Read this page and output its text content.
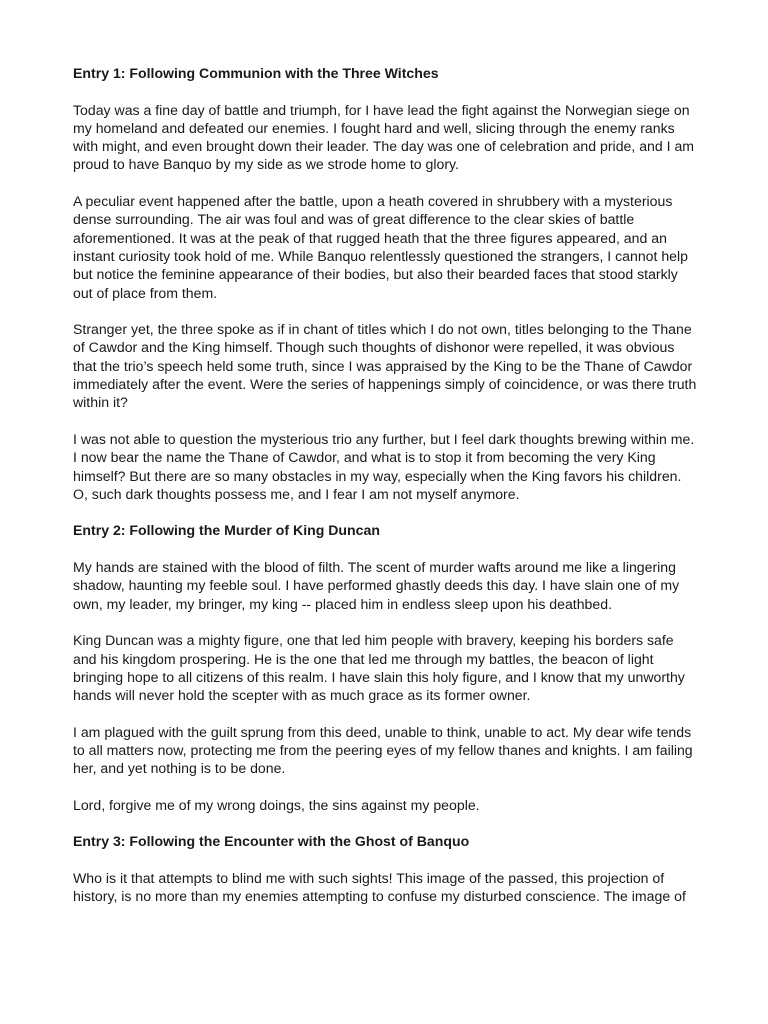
Entry 1: Following Communion with the Three Witches

Today was a fine day of battle and triumph, for I have lead the fight against the Norwegian siege on my homeland and defeated our enemies. I fought hard and well, slicing through the enemy ranks with might, and even brought down their leader. The day was one of celebration and pride, and I am proud to have Banquo by my side as we strode home to glory.

A peculiar event happened after the battle, upon a heath covered in shrubbery with a mysterious dense surrounding. The air was foul and was of great difference to the clear skies of battle aforementioned. It was at the peak of that rugged heath that the three figures appeared, and an instant curiosity took hold of me. While Banquo relentlessly questioned the strangers, I cannot help but notice the feminine appearance of their bodies, but also their bearded faces that stood starkly out of place from them.

Stranger yet, the three spoke as if in chant of titles which I do not own, titles belonging to the Thane of Cawdor and the King himself. Though such thoughts of dishonor were repelled, it was obvious that the trio’s speech held some truth, since I was appraised by the King to be the Thane of Cawdor immediately after the event. Were the series of happenings simply of coincidence, or was there truth within it?

I was not able to question the mysterious trio any further, but I feel dark thoughts brewing within me. I now bear the name the Thane of Cawdor, and what is to stop it from becoming the very King himself? But there are so many obstacles in my way, especially when the King favors his children. O, such dark thoughts possess me, and I fear I am not myself anymore.

Entry 2: Following the Murder of King Duncan

My hands are stained with the blood of filth. The scent of murder wafts around me like a lingering shadow, haunting my feeble soul. I have performed ghastly deeds this day. I have slain one of my own, my leader, my bringer, my king -- placed him in endless sleep upon his deathbed.

King Duncan was a mighty figure, one that led him people with bravery, keeping his borders safe and his kingdom prospering. He is the one that led me through my battles, the beacon of light bringing hope to all citizens of this realm. I have slain this holy figure, and I know that my unworthy hands will never hold the scepter with as much grace as its former owner.

I am plagued with the guilt sprung from this deed, unable to think, unable to act. My dear wife tends to all matters now, protecting me from the peering eyes of my fellow thanes and knights. I am failing her, and yet nothing is to be done.

Lord, forgive me of my wrong doings, the sins against my people.

Entry 3: Following the Encounter with the Ghost of Banquo

Who is it that attempts to blind me with such sights! This image of the passed, this projection of history, is no more than my enemies attempting to confuse my disturbed conscience. The image of
